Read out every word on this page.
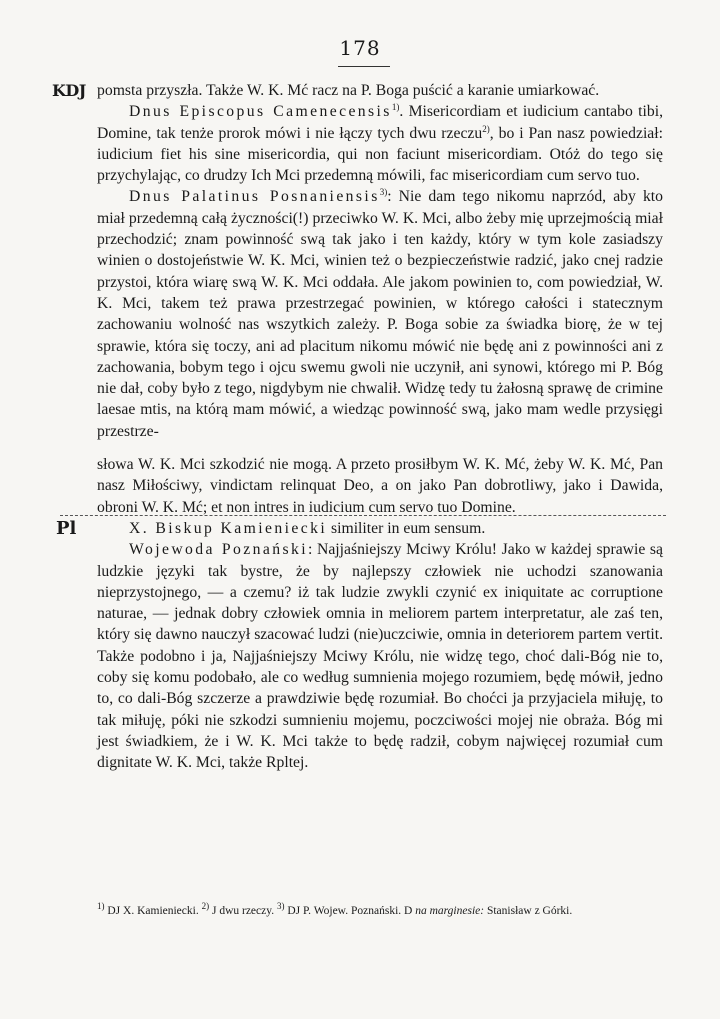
178
KDJ
Pl

pomsta przyszła. Także W. K. Mć racz na P. Boga puścić a karanie umiarkować.

Dnus Episcopus Camenecensis$^{1)}$. Misericordiam et iudicium cantabo tibi, Domine, tak tenże prorok mówi i nie łączy tych dwu rzeczu$^{2)}$, bo i Pan nasz powiedział: iudicium fiet his sine misericordia, qui non faciunt misericordiam. Otóż do tego się przychylając, co drudzy Ich Mci przedemną mówili, fac misericordiam cum servo tuo.

Dnus Palatinus Posnaniensis$^{3)}$: Nie dam tego nikomu naprzód, aby kto miał przedemną całą życzności(!) przeciwko W. K. Mci, albo żeby mię uprzejmością miał przechodzić; znam powinność swą tak jako i ten każdy, który w tym kole zasiadszy winien o dostojeństwie W. K. Mci, winien też o bezpieczeństwie radzić, jako cnej radzie przystoi, która wiarę swą W. K. Mci oddała. Ale jakom powinien to, com powiedział, W. K. Mci, takem też prawa przestrzegać powinien, w którego całości i statecznym zachowaniu wolność nas wszytkich zależy. P. Boga sobie za świadka biorę, że w tej sprawie, która się toczy, ani ad placitum nikomu mówić nie będę ani z powinności ani z zachowania, bobym tego i ojcu swemu gwoli nie uczynił, ani synowi, którego mi P. Bóg nie dał, coby było z tego, nigdybym nie chwalił. Widzę tedy tu żałosną sprawę de crimine laesae mtis, na którą mam mówić, a wiedząc powinność swą, jako mam wedle przysięgi przestrze-

słowa W. K. Mci szkodzić nie mogą. A przeto prosiłbym W. K. Mć, żeby W. K. Mć, Pan nasz Miłościwy, vindictam relinquat Deo, a on jako Pan dobrotliwy, jako i Dawida, obroni W. K. Mć; et non intres in iudicium cum servo tuo Domine.

X. Biskup Kamieniecki similiter in eum sensum.

Wojewoda Poznański: Najjaśniejszy Mciwy Królu! Jako w każdej sprawie są ludzkie języki tak bystre, że by najlepszy człowiek nie uchodzi szanowania nieprzystojnego, — a czemu? iż tak ludzie zwykli czynić ex iniquitate ac corruptione naturae, — jednak dobry człowiek omnia in meliorem partem interpretatur, ale zaś ten, który się dawno nauczył szacować ludzi (nie)uczciwie, omnia in deteriorem partem vertit. Także podobno i ja, Najjaśniejszy Mciwy Królu, nie widzę tego, choć dali-Bóg nie to, coby się komu podobało, ale co według sumnienia mojego rozumiem, będę mówił, jedno to, co dali-Bóg szczerze a prawdziwie będę rozumiał. Bo choćci ja przyjaciela miłuję, to tak miłuję, póki nie szkodzi sumnieniu mojemu, poczciwości mojej nie obraża. Bóg mi jest świadkiem, że i W. K. Mci także to będę radził, cobym najwięcej rozumiał cum dignitate W. K. Mci, także Rpltej.

$^{1)}$ DJ X. Kamieniecki. $^{2)}$ J dwu rzeczy. $^{3)}$ DJ P. Wojew. Poznański. D na marginesie: Stanisław z Górki.
